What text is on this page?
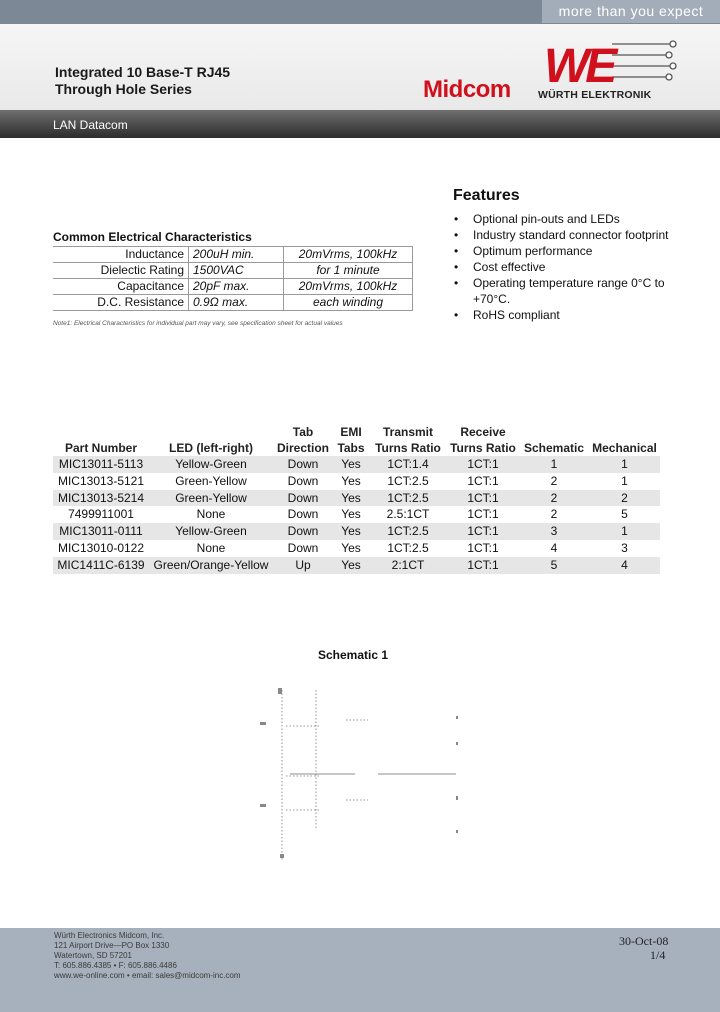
more than you expect
Integrated 10 Base-T RJ45
Through Hole Series	Midcom WE
WÜRTH ELEKTRONIK
LAN Datacom
Features
• Optional pin-outs and LEDs
• Industry standard connector footprint
• Optimum performance
• Cost effective
• Operating temperature range 0°C to +70°C.
• RoHS compliant
Common Electrical Characteristics
Inductance	200uH min.	20mVrms, 100kHz
Dielectic Rating	1500VAC	for 1 minute
Capacitance	20pF max.	20mVrms, 100kHz
D.C. Resistance	0.9Ω max.	each winding
Note1: Electrical Characteristics for individual part may vary, see specification sheet for actual values
		Tab	EMI	Transmit	Receive		
Part Number	LED (left-right)	Direction	Tabs	Turns Ratio	Turns Ratio	Schematic	Mechanical
MIC13011-5113	Yellow-Green	Down	Yes	1CT:1.4	1CT:1	1	1
MIC13013-5121	Green-Yellow	Down	Yes	1CT:2.5	1CT:1	2	1
MIC13013-5214	Green-Yellow	Down	Yes	1CT:2.5	1CT:1	2	2
7499911001	None	Down	Yes	2.5:1CT	1CT:1	2	5
MIC13011-0111	Yellow-Green	Down	Yes	1CT:2.5	1CT:1	3	1
MIC13010-0122	None	Down	Yes	1CT:2.5	1CT:1	4	3
MIC1411C-6139	Green/Orange-Yellow	Up	Yes	2:1CT	1CT:1	5	4
Schematic 1
Würth Electronics Midcom, Inc.
121 Airport Drive—PO Box 1330
Watertown, SD 57201
T: 605.886.4385 • F: 605.886.4486
www.we-online.com • email: sales@midcom-inc.com
30-Oct-08
1/4
